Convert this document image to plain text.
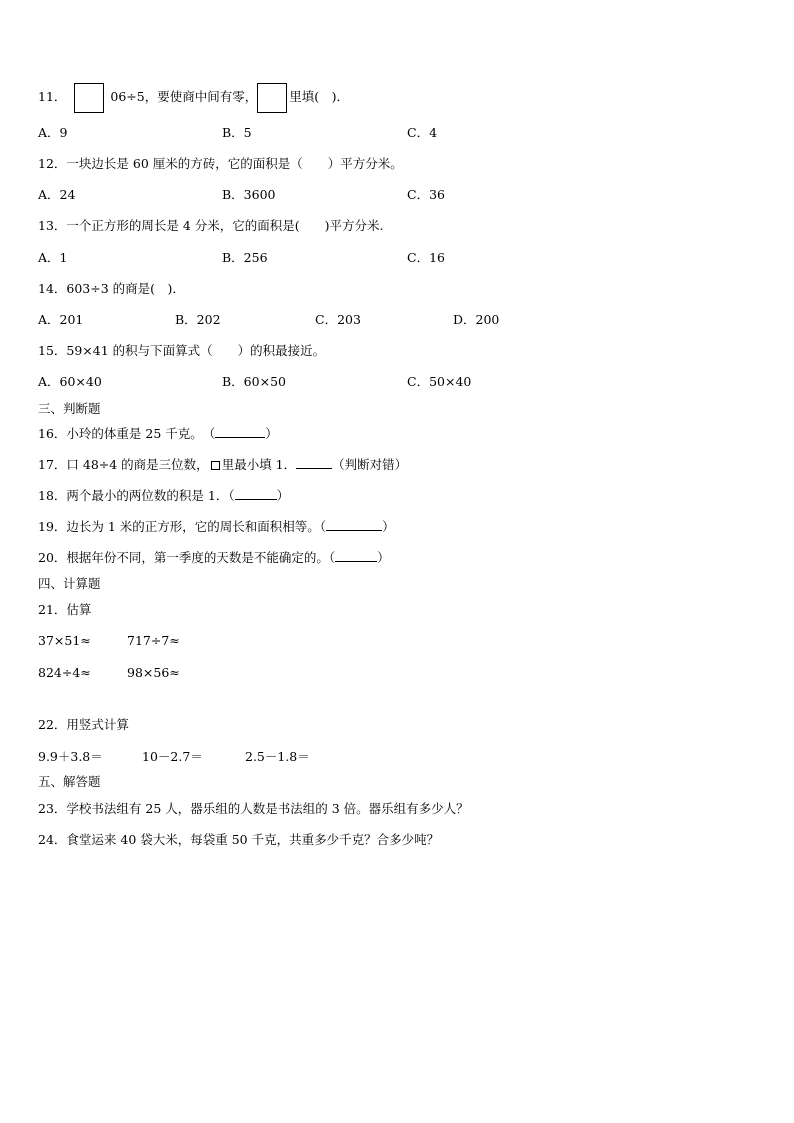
11．	06÷5，要使商中间有零，	里填(　)．
A．9	B．5	C．4
12．一块边长是 60 厘米的方砖，它的面积是（　　）平方分米。
A．24	B．3600	C．36
13．一个正方形的周长是 4 分米，它的面积是(　　)平方分米.
A．1	B．256	C．16
14．603÷3 的商是(　)．
A．201	B．202	C．203	D．200
15．59×41 的积与下面算式（　　）的积最接近。
A．60×40	B．60×50	C．50×40
三、判断题
16．小玲的体重是 25 千克。　（	）
17．口 48÷4 的商是三位数， 里最小填 1．	（判断对错）
18．两个最小的两位数的积是 1．（	）
19．边长为 1 米的正方形，它的周长和面积相等。（	）
20．根据年份不同，第一季度的天数是不能确定的。（	）
四、计算题
21．估算
37×51≈	717÷7≈
824÷4≈	98×56≈
22．用竖式计算
9.9＋3.8＝	10－2.7＝	2.5－1.8＝
五、解答题
23．学校书法组有 25 人，器乐组的人数是书法组的 3 倍。器乐组有多少人？
24．食堂运来 40 袋大米，每袋重 50 千克，共重多少千克？合多少吨？
